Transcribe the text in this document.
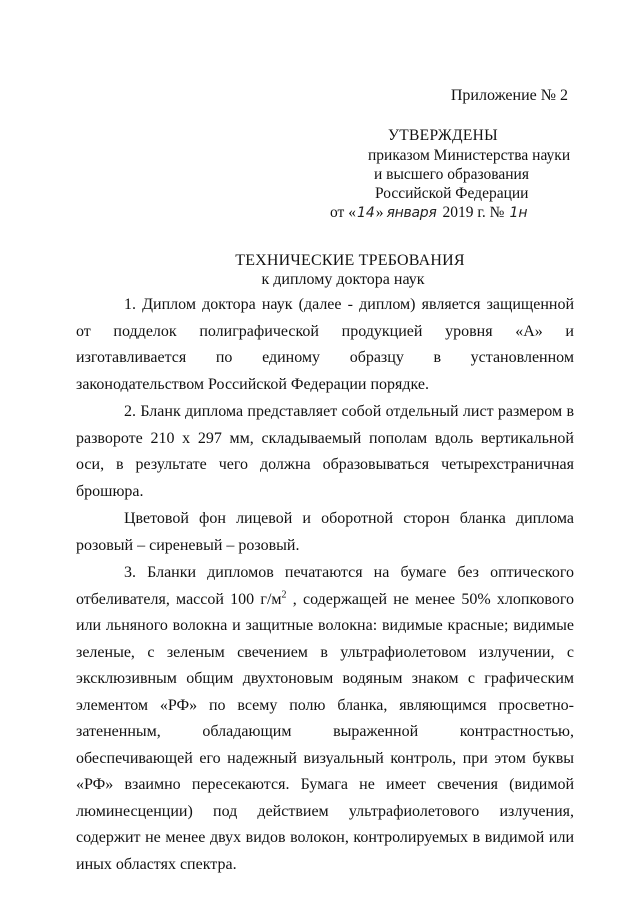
Приложение № 2
УТВЕРЖДЕНЫ
приказом Министерства науки
и высшего образования
Российской Федерации
от «14» января 2019 г. № 1н
ТЕХНИЧЕСКИЕ ТРЕБОВАНИЯ
к диплому доктора наук

1. Диплом доктора наук (далее - диплом) является защищенной от подделок полиграфической продукцией уровня «А» и изготавливается по единому образцу в установленном законодательством Российской Федерации порядке.

2. Бланк диплома представляет собой отдельный лист размером в развороте 210 х 297 мм, складываемый пополам вдоль вертикальной оси, в результате чего должна образовываться четырехстраничная брошюра.

Цветовой фон лицевой и оборотной сторон бланка диплома розовый – сиреневый – розовый.

3. Бланки дипломов печатаются на бумаге без оптического отбеливателя, массой 100 $г/м^2$ , содержащей не менее 50% хлопкового или льняного волокна и защитные волокна: видимые красные; видимые зеленые, с зеленым свечением в ультрафиолетовом излучении, с эксклюзивным общим двухтоновым водяным знаком с графическим элементом «РФ» по всему полю бланка, являющимся просветно-затененным, обладающим выраженной контрастностью, обеспечивающей его надежный визуальный контроль, при этом буквы «РФ» взаимно пересекаются. Бумага не имеет свечения (видимой люминесценции) под действием ультрафиолетового излучения, содержит не менее двух видов волокон, контролируемых в видимой или иных областях спектра.
